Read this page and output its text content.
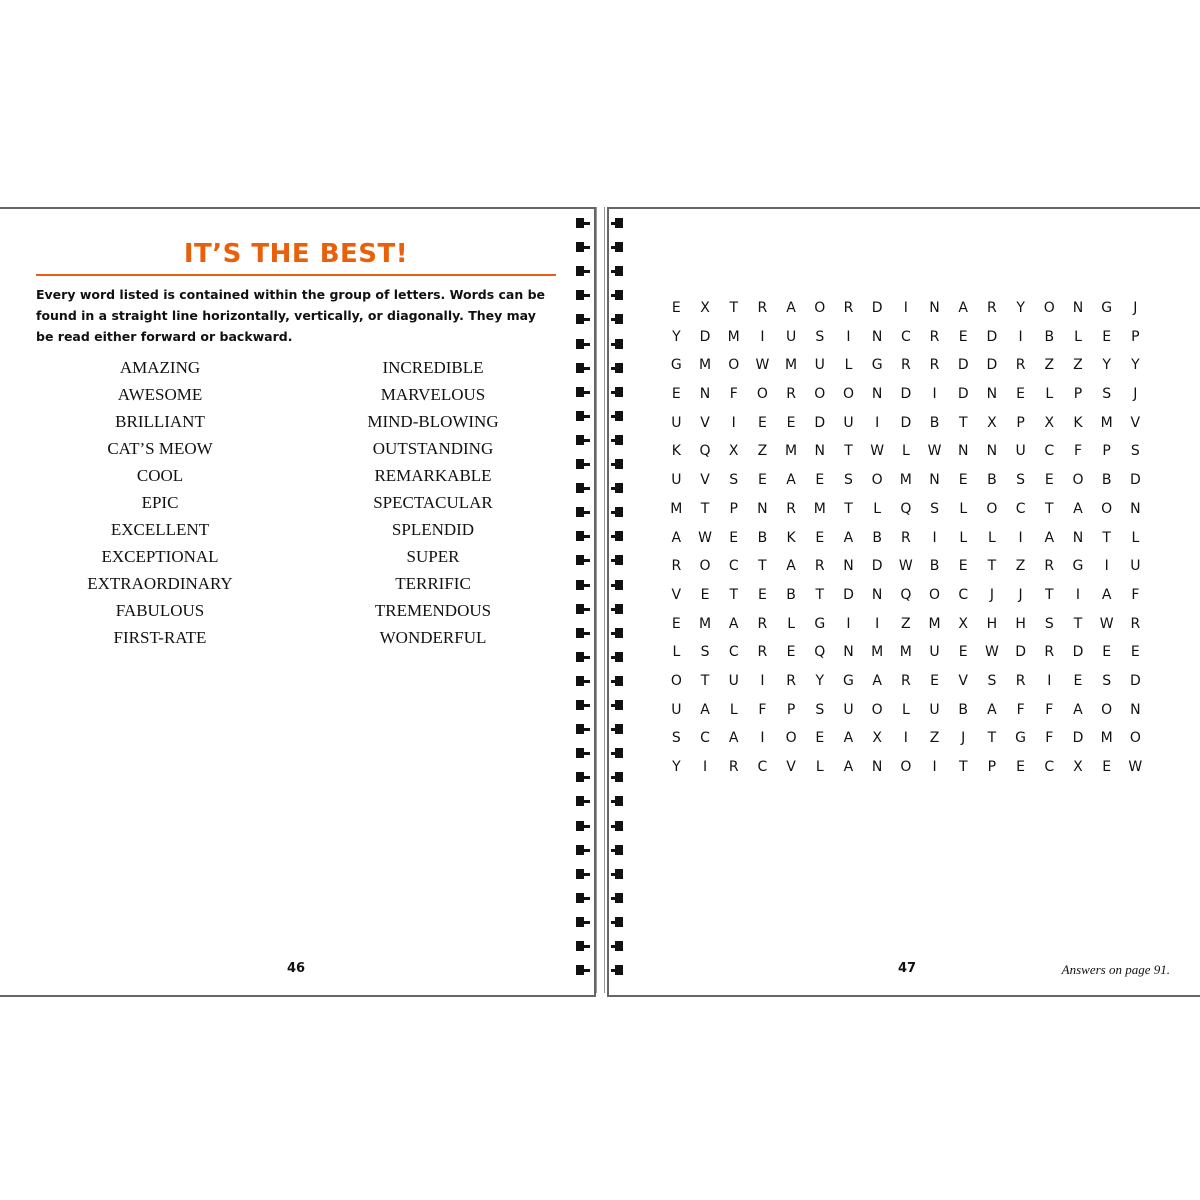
IT’S THE BEST!

Every word listed is contained within the group of letters. Words can be found in a straight line horizontally, vertically, or diagonally. They may be read either forward or backward.

AMAZING
AWESOME
BRILLIANT
CAT’S MEOW
COOL
EPIC
EXCELLENT
EXCEPTIONAL
EXTRAORDINARY
FABULOUS
FIRST-RATE
INCREDIBLE
MARVELOUS
MIND-BLOWING
OUTSTANDING
REMARKABLE
SPECTACULAR
SPLENDID
SUPER
TERRIFIC
TREMENDOUS
WONDERFUL

46

E	X	T	R	A	O	R	D	I	N	A	R	Y	O	N	G	J
Y	D	M	I	U	S	I	N	C	R	E	D	I	B	L	E	P
G	M	O	W	M	U	L	G	R	R	D	D	R	Z	Z	Y	Y
E	N	F	O	R	O	O	N	D	I	D	N	E	L	P	S	J
U	V	I	E	E	D	U	I	D	B	T	X	P	X	K	M	V
K	Q	X	Z	M	N	T	W	L	W	N	N	U	C	F	P	S
U	V	S	E	A	E	S	O	M	N	E	B	S	E	O	B	D
M	T	P	N	R	M	T	L	Q	S	L	O	C	T	A	O	N
A	W	E	B	K	E	A	B	R	I	L	L	I	A	N	T	L
R	O	C	T	A	R	N	D	W	B	E	T	Z	R	G	I	U
V	E	T	E	B	T	D	N	Q	O	C	J	J	T	I	A	F
E	M	A	R	L	G	I	I	Z	M	X	H	H	S	T	W	R
L	S	C	R	E	Q	N	M	M	U	E	W	D	R	D	E	E
O	T	U	I	R	Y	G	A	R	E	V	S	R	I	E	S	D
U	A	L	F	P	S	U	O	L	U	B	A	F	F	A	O	N
S	C	A	I	O	E	A	X	I	Z	J	T	G	F	D	M	O
Y	I	R	C	V	L	A	N	O	I	T	P	E	C	X	E	W

47	Answers on page 91.
